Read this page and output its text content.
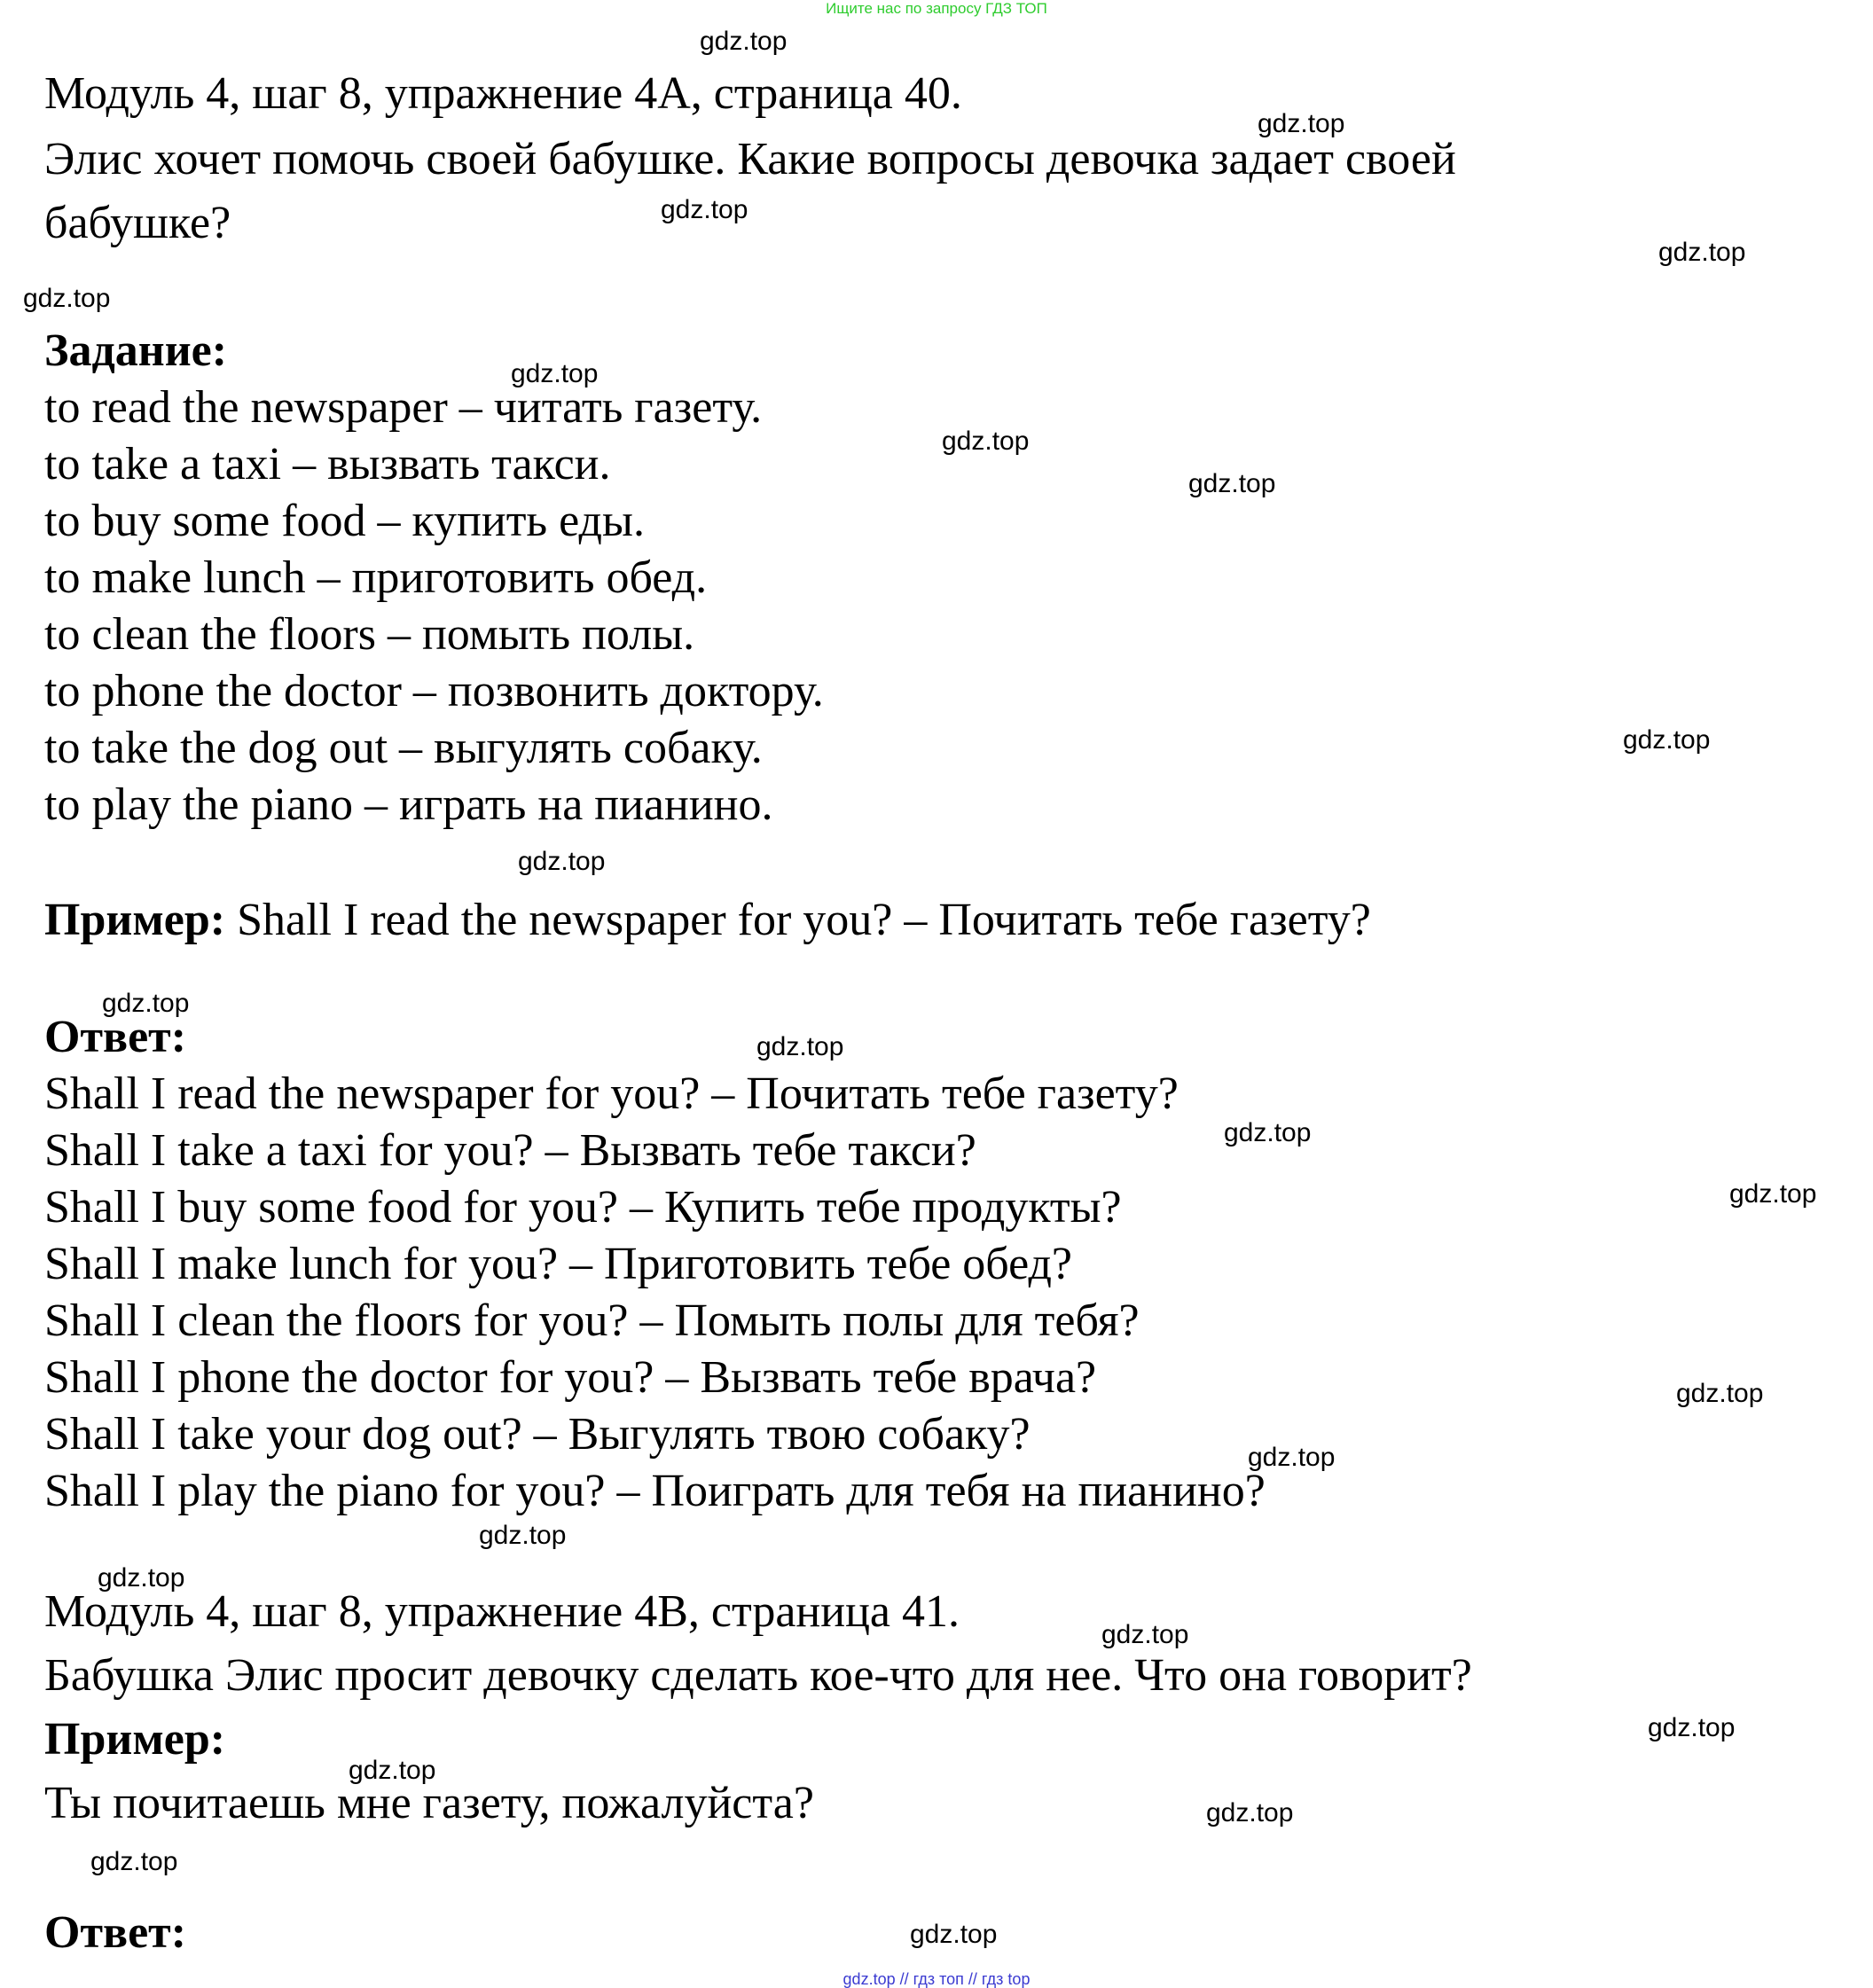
Ищите нас по запросу ГДЗ ТОП
Модуль 4, шаг 8, упражнение 4А, страница 40.
Элис хочет помочь своей бабушке. Какие вопросы девочка задает своей
бабушке?
Задание:
to read the newspaper – читать газету.
to take a taxi – вызвать такси.
to buy some food – купить еды.
to make lunch – приготовить обед.
to clean the floors – помыть полы.
to phone the doctor – позвонить доктору.
to take the dog out – выгулять собаку.
to play the piano – играть на пианино.
Пример: Shall I read the newspaper for you? – Почитать тебе газету?
Ответ:
Shall I read the newspaper for you? – Почитать тебе газету?
Shall I take a taxi for you? – Вызвать тебе такси?
Shall I buy some food for you? – Купить тебе продукты?
Shall I make lunch for you? – Приготовить тебе обед?
Shall I clean the floors for you? – Помыть полы для тебя?
Shall I phone the doctor for you? – Вызвать тебе врача?
Shall I take your dog out? – Выгулять твою собаку?
Shall I play the piano for you? – Поиграть для тебя на пианино?
Модуль 4, шаг 8, упражнение 4В, страница 41.
Бабушка Элис просит девочку сделать кое-что для нее. Что она говорит?
Пример:
Ты почитаешь мне газету, пожалуйста?
Ответ:
gdz.top
gdz.top
gdz.top
gdz.top
gdz.top
gdz.top
gdz.top
gdz.top
gdz.top
gdz.top
gdz.top
gdz.top
gdz.top
gdz.top
gdz.top
gdz.top
gdz.top
gdz.top
gdz.top
gdz.top
gdz.top
gdz.top
gdz.top
gdz.top
gdz.top // гдз топ // гдз top
